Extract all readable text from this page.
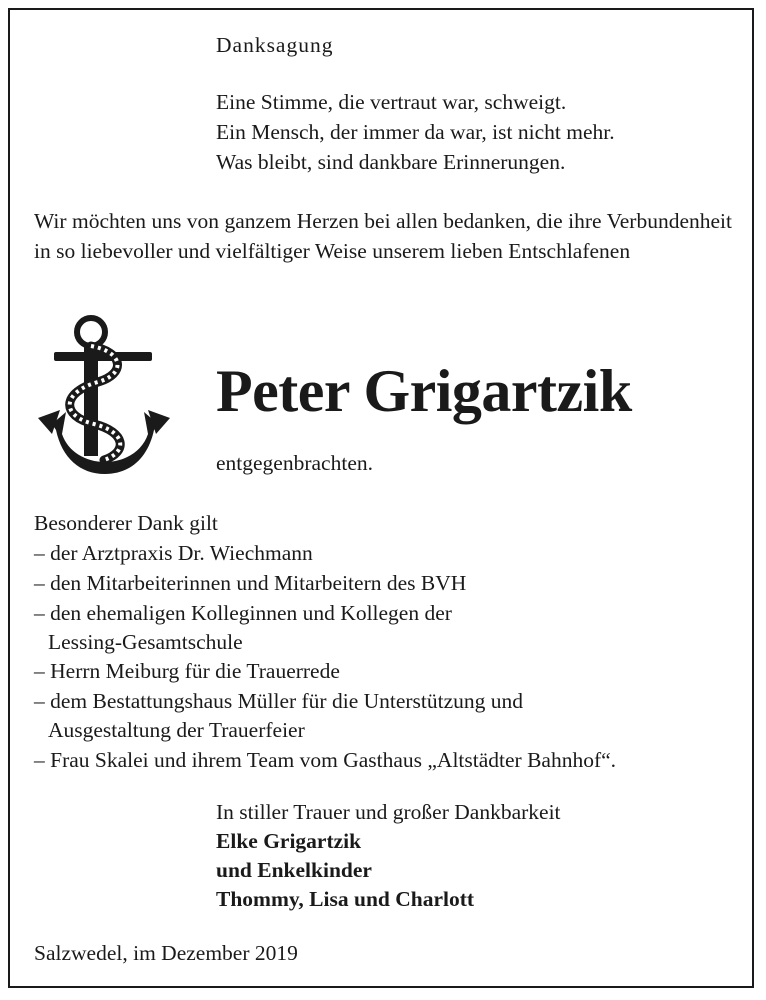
Danksagung
Eine Stimme, die vertraut war, schweigt.
Ein Mensch, der immer da war, ist nicht mehr.
Was bleibt, sind dankbare Erinnerungen.
Wir möchten uns von ganzem Herzen bei allen bedanken, die ihre Verbundenheit in so liebevoller und vielfältiger Weise unserem lieben Entschlafenen
Peter Grigartzik
entgegenbrachten.
Besonderer Dank gilt
– der Arztpraxis Dr. Wiechmann
– den Mitarbeiterinnen und Mitarbeitern des BVH
– den ehemaligen Kolleginnen und Kollegen der
Lessing-Gesamtschule
– Herrn Meiburg für die Trauerrede
– dem Bestattungshaus Müller für die Unterstützung und
Ausgestaltung der Trauerfeier
– Frau Skalei und ihrem Team vom Gasthaus „Altstädter Bahnhof“.
In stiller Trauer und großer Dankbarkeit
Elke Grigartzik
und Enkelkinder
Thommy, Lisa und Charlott
Salzwedel, im Dezember 2019
